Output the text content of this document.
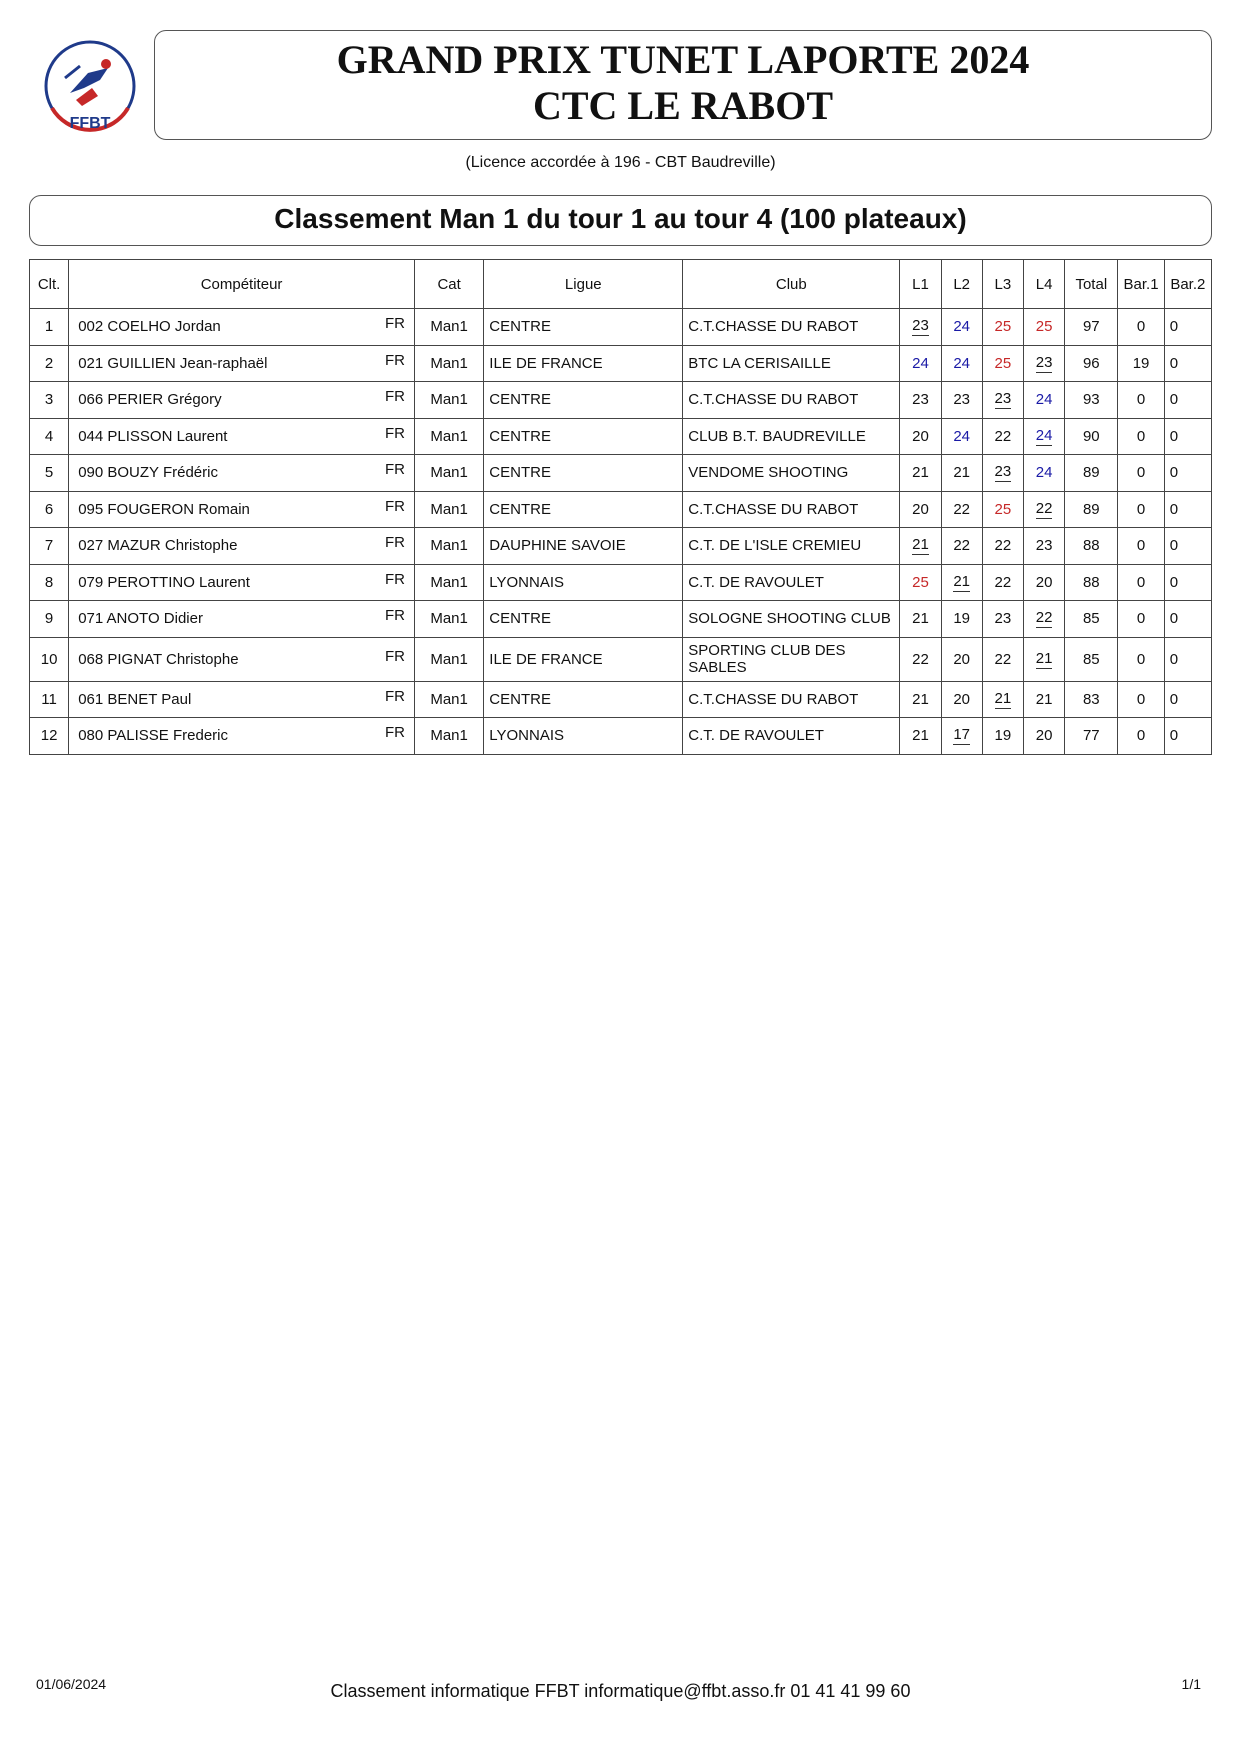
FFBT
GRAND PRIX TUNET LAPORTE 2024
CTC LE RABOT
(Licence accordée à 196 - CBT Baudreville)
Classement Man 1 du tour 1 au tour 4 (100 plateaux)
Clt.	Compétiteur	Cat	Ligue	Club	L1	L2	L3	L4	Total	Bar.1	Bar.2
1	002 COELHO Jordan FR	Man1	CENTRE	C.T.CHASSE DU RABOT	23	24	25	25	97	0	0
2	021 GUILLIEN Jean-raphaël FR	Man1	ILE DE FRANCE	BTC LA CERISAILLE	24	24	25	23	96	19	0
3	066 PERIER Grégory FR	Man1	CENTRE	C.T.CHASSE DU RABOT	23	23	23	24	93	0	0
4	044 PLISSON Laurent FR	Man1	CENTRE	CLUB B.T. BAUDREVILLE	20	24	22	24	90	0	0
5	090 BOUZY Frédéric FR	Man1	CENTRE	VENDOME SHOOTING	21	21	23	24	89	0	0
6	095 FOUGERON Romain FR	Man1	CENTRE	C.T.CHASSE DU RABOT	20	22	25	22	89	0	0
7	027 MAZUR Christophe FR	Man1	DAUPHINE SAVOIE	C.T. DE L'ISLE CREMIEU	21	22	22	23	88	0	0
8	079 PEROTTINO Laurent FR	Man1	LYONNAIS	C.T. DE RAVOULET	25	21	22	20	88	0	0
9	071 ANOTO Didier FR	Man1	CENTRE	SOLOGNE SHOOTING CLUB	21	19	23	22	85	0	0
10	068 PIGNAT Christophe FR	Man1	ILE DE FRANCE	SPORTING CLUB DES SABLES	22	20	22	21	85	0	0
11	061 BENET Paul FR	Man1	CENTRE	C.T.CHASSE DU RABOT	21	20	21	21	83	0	0
12	080 PALISSE Frederic FR	Man1	LYONNAIS	C.T. DE RAVOULET	21	17	19	20	77	0	0
01/06/2024	Classement informatique FFBT informatique@ffbt.asso.fr 01 41 41 99 60	1/1
